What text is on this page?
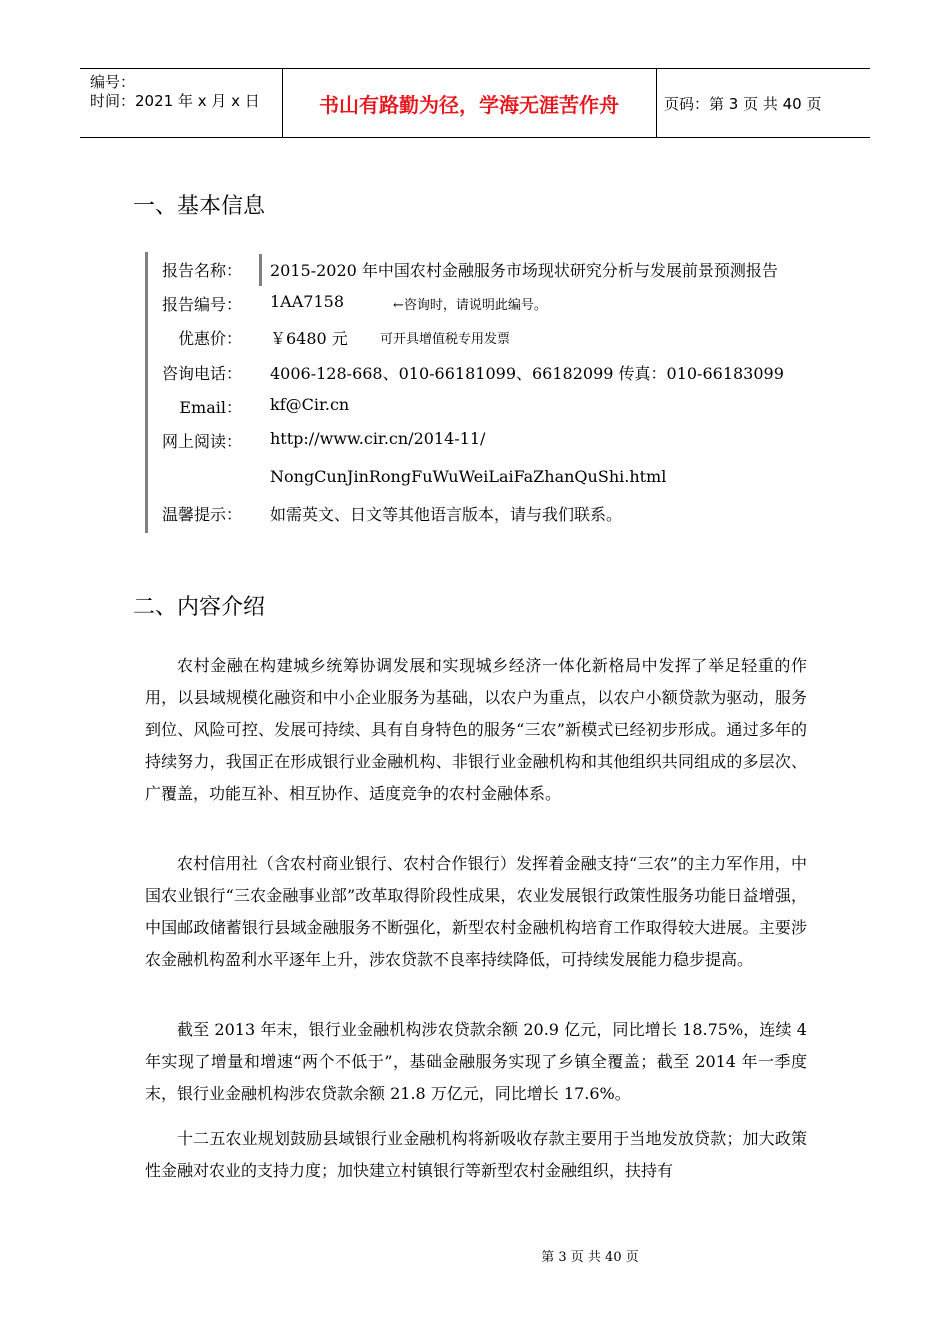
编号：
时间：2021 年 x 月 x 日	书山有路勤为径，学海无涯苦作舟	页码：第 3 页 共 40 页
一、基本信息
报告名称： 2015-2020 年中国农村金融服务市场现状研究分析与发展前景预测报告
报告编号： 1AA7158	←咨询时，请说明此编号。
优惠价： ￥6480 元 可开具增值税专用发票
咨询电话： 4006-128-668、010-66181099、66182099 传真：010-66183099
Email： kf@Cir.cn
网上阅读： http://www.cir.cn/2014-11/
NongCunJinRongFuWuWeiLaiFaZhanQuShi.html
温馨提示： 如需英文、日文等其他语言版本，请与我们联系。
二、内容介绍

农村金融在构建城乡统筹协调发展和实现城乡经济一体化新格局中发挥了举足轻重的作用，以县域规模化融资和中小企业服务为基础，以农户为重点，以农户小额贷款为驱动，服务到位、风险可控、发展可持续、具有自身特色的服务“三农”新模式已经初步形成。通过多年的持续努力，我国正在形成银行业金融机构、非银行业金融机构和其他组织共同组成的多层次、广覆盖，功能互补、相互协作、适度竞争的农村金融体系。

农村信用社（含农村商业银行、农村合作银行）发挥着金融支持“三农”的主力军作用，中国农业银行“三农金融事业部”改革取得阶段性成果，农业发展银行政策性服务功能日益增强，中国邮政储蓄银行县域金融服务不断强化，新型农村金融机构培育工作取得较大进展。主要涉农金融机构盈利水平逐年上升，涉农贷款不良率持续降低，可持续发展能力稳步提高。

截至 2013 年末，银行业金融机构涉农贷款余额 20.9 亿元，同比增长 18.75%，连续 4 年实现了增量和增速“两个不低于”，基础金融服务实现了乡镇全覆盖；截至 2014 年一季度末，银行业金融机构涉农贷款余额 21.8 万亿元，同比增长 17.6%。

十二五农业规划鼓励县域银行业金融机构将新吸收存款主要用于当地发放贷款；加大政策性金融对农业的支持力度；加快建立村镇银行等新型农村金融组织，扶持有

第 3 页 共 40 页
